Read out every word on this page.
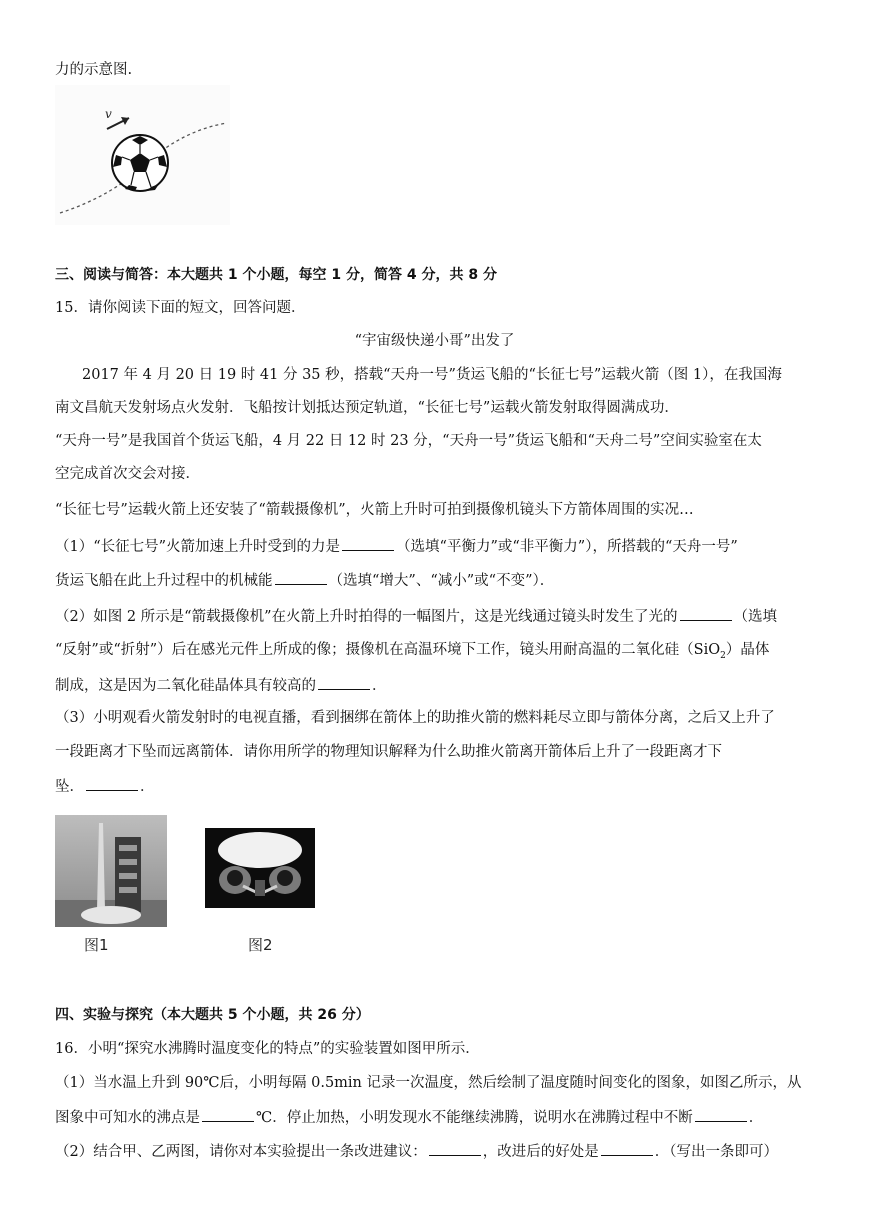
力的示意图.
v
三、阅读与简答：本大题共 1 个小题，每空 1 分，简答 4 分，共 8 分
15．请你阅读下面的短文，回答问题．
“宇宙级快递小哥”出发了
2017 年 4 月 20 日 19 时 41 分 35 秒，搭载“天舟一号”货运飞船的“长征七号”运载火箭（图 1），在我国海
南文昌航天发射场点火发射．飞船按计划抵达预定轨道，“长征七号”运载火箭发射取得圆满成功．
“天舟一号”是我国首个货运飞船，4 月 22 日 12 时 23 分，“天舟一号”货运飞船和“天舟二号”空间实验室在太
空完成首次交会对接．
“长征七号”运载火箭上还安装了“箭载摄像机”，火箭上升时可拍到摄像机镜头下方箭体周围的实况…
（1）“长征七号”火箭加速上升时受到的力是	（选填“平衡力”或“非平衡力”），所搭载的“天舟一号”
货运飞船在此上升过程中的机械能	（选填“增大”、“减小”或“不变”）．
（2）如图 2 所示是“箭载摄像机”在火箭上升时拍得的一幅图片，这是光线通过镜头时发生了光的	（选填
“反射”或“折射”）后在感光元件上所成的像；摄像机在高温环境下工作，镜头用耐高温的二氧化硅（SiO$_2$）晶体
制成，这是因为二氧化硅晶体具有较高的	．
（3）小明观看火箭发射时的电视直播，看到捆绑在箭体上的助推火箭的燃料耗尽立即与箭体分离，之后又上升了
一段距离才下坠而远离箭体．请你用所学的物理知识解释为什么助推火箭离开箭体后上升了一段距离才下
坠．	．
图1	图2
四、实验与探究（本大题共 5 个小题，共 26 分）
16．小明“探究水沸腾时温度变化的特点”的实验装置如图甲所示．
（1）当水温上升到 90℃后，小明每隔 0.5min 记录一次温度，然后绘制了温度随时间变化的图象，如图乙所示，从
图象中可知水的沸点是	℃．停止加热，小明发现水不能继续沸腾，说明水在沸腾过程中不断	．
（2）结合甲、乙两图，请你对本实验提出一条改进建议：	，改进后的好处是	．（写出一条即可）
